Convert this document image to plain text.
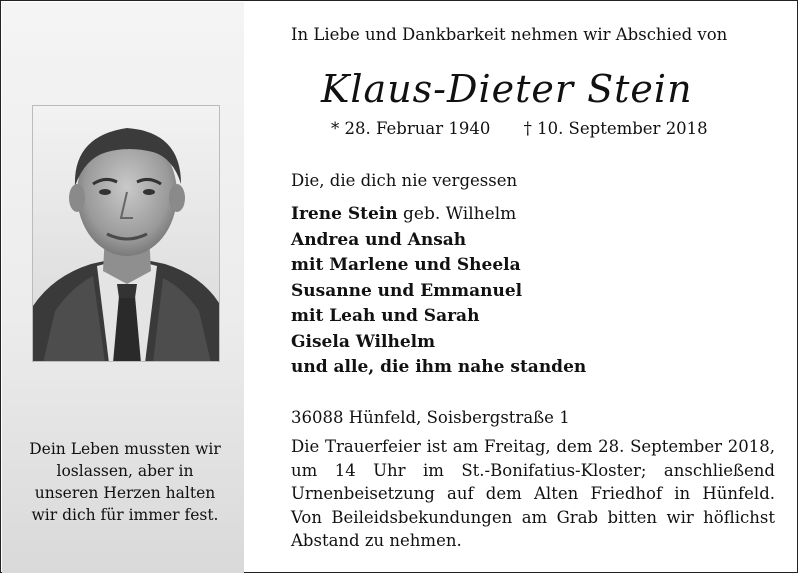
Dein Leben mussten wir
loslassen, aber in
unseren Herzen halten
wir dich für immer fest.
In Liebe und Dankbarkeit nehmen wir Abschied von
Klaus-Dieter Stein
* 28. Februar 1940 † 10. September 2018
Die, die dich nie vergessen
Irene Stein geb. Wilhelm
Andrea und Ansah
mit Marlene und Sheela
Susanne und Emmanuel
mit Leah und Sarah
Gisela Wilhelm
und alle, die ihm nahe standen
36088 Hünfeld, Soisbergstraße 1
Die Trauerfeier ist am Freitag, dem 28. September 2018,
um 14 Uhr im St.-Bonifatius-Kloster; anschließend
Urnenbeisetzung auf dem Alten Friedhof in Hünfeld.
Von Beileidsbekundungen am Grab bitten wir höflichst
Abstand zu nehmen.
